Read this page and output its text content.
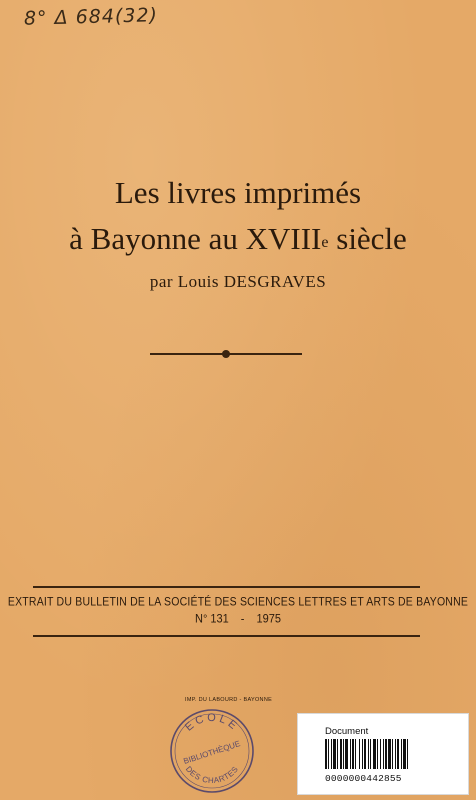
8° Δ 684(32)
Les livres imprimés
à Bayonne au XVIIIe siècle
par Louis DESGRAVES
EXTRAIT DU BULLETIN DE LA SOCIÉTÉ DES SCIENCES LETTRES ET ARTS DE BAYONNE
N° 131 - 1975
IMP. DU LABOURD - BAYONNE
ECOLE
BIBLIOTHÈQUE
DES CHARTES
Document
0000000442855
